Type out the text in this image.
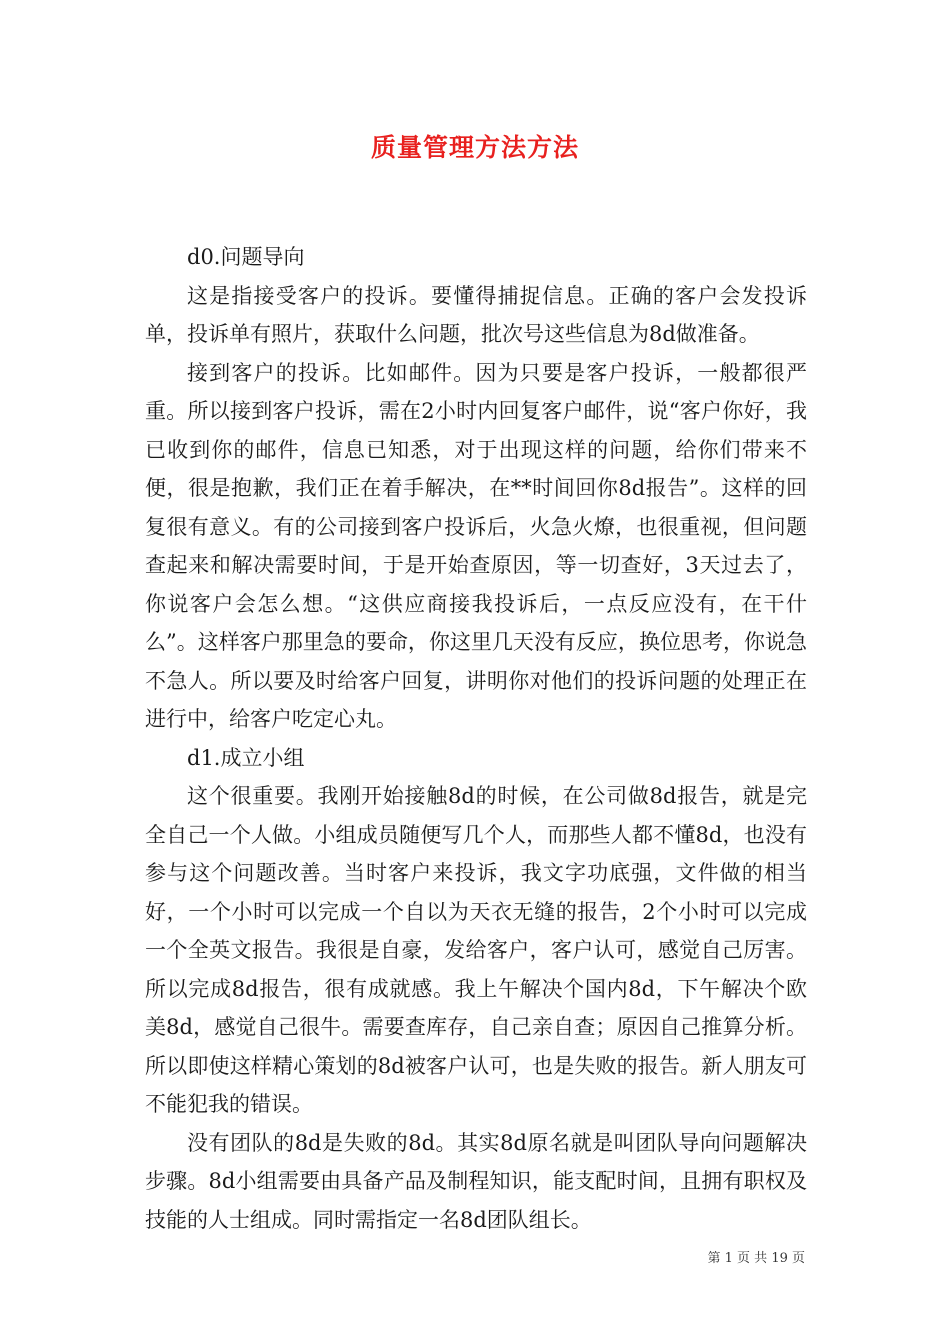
质量管理方法方法

d0.问题导向

这是指接受客户的投诉。要懂得捕捉信息。正确的客户会发投诉单，投诉单有照片，获取什么问题，批次号这些信息为8d做准备。

接到客户的投诉。比如邮件。因为只要是客户投诉，一般都很严重。所以接到客户投诉，需在2小时内回复客户邮件，说“客户你好，我已收到你的邮件，信息已知悉，对于出现这样的问题，给你们带来不便，很是抱歉，我们正在着手解决，在**时间回你8d报告”。这样的回复很有意义。有的公司接到客户投诉后，火急火燎，也很重视，但问题查起来和解决需要时间，于是开始查原因，等一切查好，3天过去了，你说客户会怎么想。“这供应商接我投诉后，一点反应没有，在干什么”。这样客户那里急的要命，你这里几天没有反应，换位思考，你说急不急人。所以要及时给客户回复，讲明你对他们的投诉问题的处理正在进行中，给客户吃定心丸。

d1.成立小组

这个很重要。我刚开始接触8d的时候，在公司做8d报告，就是完全自己一个人做。小组成员随便写几个人，而那些人都不懂8d，也没有参与这个问题改善。当时客户来投诉，我文字功底强，文件做的相当好，一个小时可以完成一个自以为天衣无缝的报告，2个小时可以完成一个全英文报告。我很是自豪，发给客户，客户认可，感觉自己厉害。所以完成8d报告，很有成就感。我上午解决个国内8d，下午解决个欧美8d，感觉自己很牛。需要查库存，自己亲自查；原因自己推算分析。所以即使这样精心策划的8d被客户认可，也是失败的报告。新人朋友可不能犯我的错误。

没有团队的8d是失败的8d。其实8d原名就是叫团队导向问题解决步骤。8d小组需要由具备产品及制程知识，能支配时间，且拥有职权及技能的人士组成。同时需指定一名8d团队组长。

第 1 页 共 19 页
